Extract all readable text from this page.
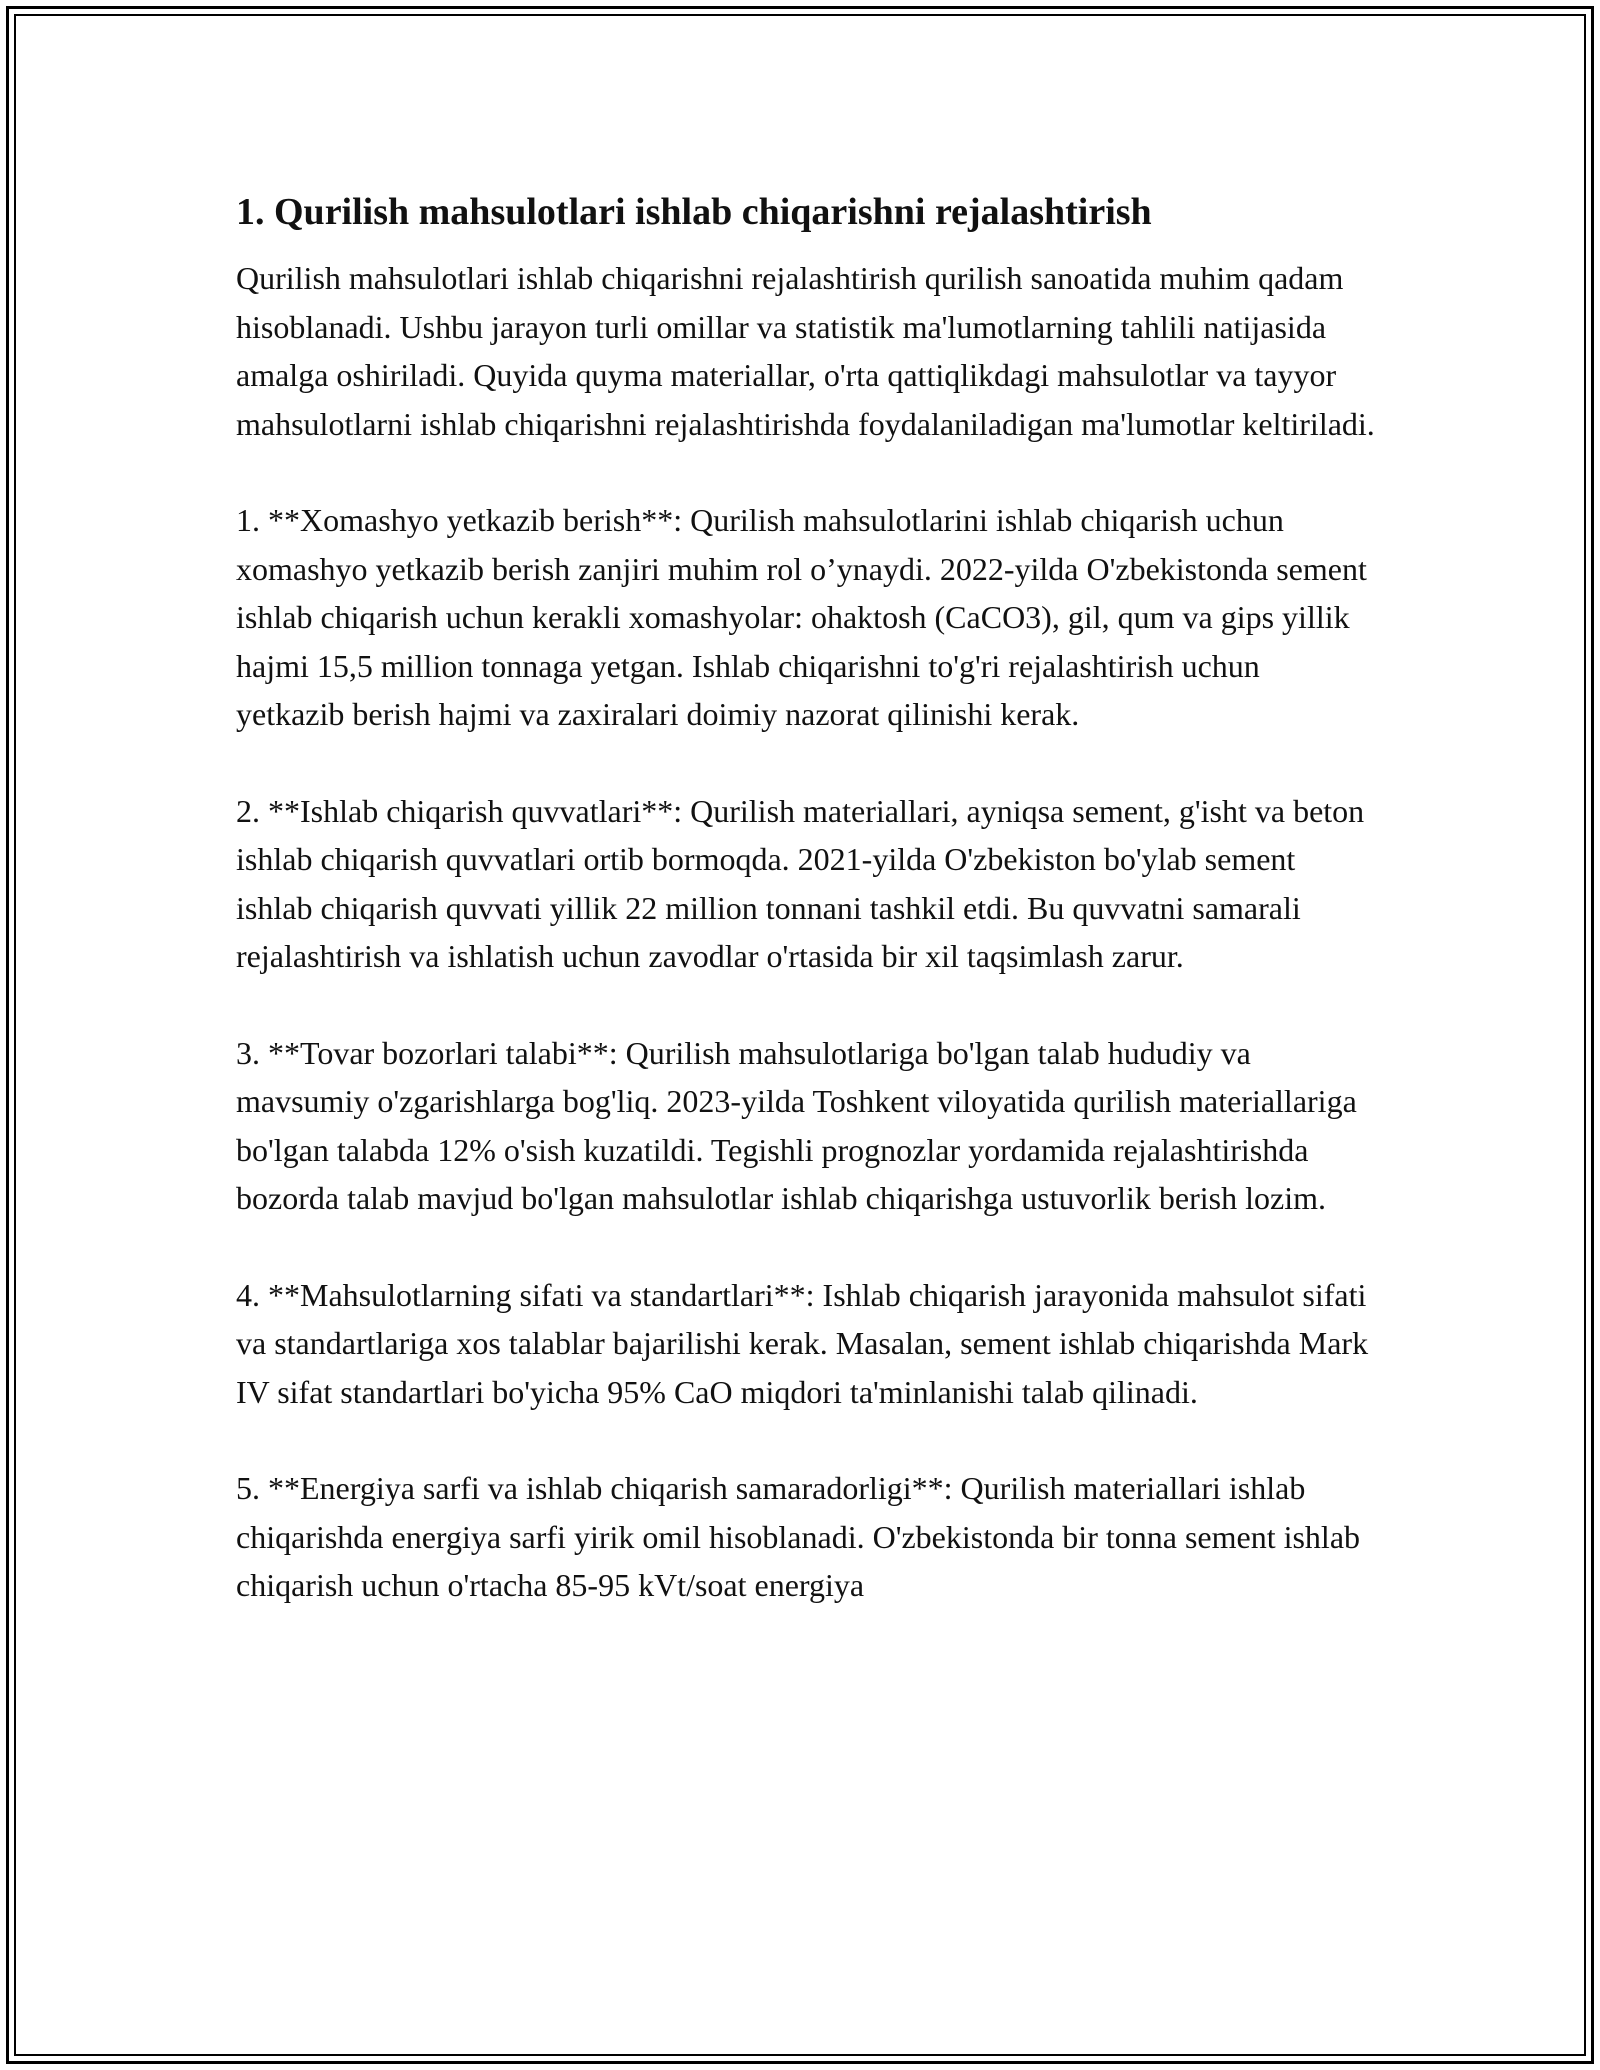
1. Qurilish mahsulotlari ishlab chiqarishni rejalashtirish

Qurilish mahsulotlari ishlab chiqarishni rejalashtirish qurilish sanoatida muhim qadam hisoblanadi. Ushbu jarayon turli omillar va statistik ma'lumotlarning tahlili natijasida amalga oshiriladi. Quyida quyma materiallar, o'rta qattiqlikdagi mahsulotlar va tayyor mahsulotlarni ishlab chiqarishni rejalashtirishda foydalaniladigan ma'lumotlar keltiriladi.

1. **Xomashyo yetkazib berish**: Qurilish mahsulotlarini ishlab chiqarish uchun xomashyo yetkazib berish zanjiri muhim rol o’ynaydi. 2022-yilda O'zbekistonda sement ishlab chiqarish uchun kerakli xomashyolar: ohaktosh (CaCO3), gil, qum va gips yillik hajmi 15,5 million tonnaga yetgan. Ishlab chiqarishni to'g'ri rejalashtirish uchun yetkazib berish hajmi va zaxiralari doimiy nazorat qilinishi kerak.

2. **Ishlab chiqarish quvvatlari**: Qurilish materiallari, ayniqsa sement, g'isht va beton ishlab chiqarish quvvatlari ortib bormoqda. 2021-yilda O'zbekiston bo'ylab sement ishlab chiqarish quvvati yillik 22 million tonnani tashkil etdi. Bu quvvatni samarali rejalashtirish va ishlatish uchun zavodlar o'rtasida bir xil taqsimlash zarur.

3. **Tovar bozorlari talabi**: Qurilish mahsulotlariga bo'lgan talab hududiy va mavsumiy o'zgarishlarga bog'liq. 2023-yilda Toshkent viloyatida qurilish materiallariga bo'lgan talabda 12% o'sish kuzatildi. Tegishli prognozlar yordamida rejalashtirishda bozorda talab mavjud bo'lgan mahsulotlar ishlab chiqarishga ustuvorlik berish lozim.

4. **Mahsulotlarning sifati va standartlari**: Ishlab chiqarish jarayonida mahsulot sifati va standartlariga xos talablar bajarilishi kerak. Masalan, sement ishlab chiqarishda Mark IV sifat standartlari bo'yicha 95% CaO miqdori ta'minlanishi talab qilinadi.

5. **Energiya sarfi va ishlab chiqarish samaradorligi**: Qurilish materiallari ishlab chiqarishda energiya sarfi yirik omil hisoblanadi. O'zbekistonda bir tonna sement ishlab chiqarish uchun o'rtacha 85-95 kVt/soat energiya
